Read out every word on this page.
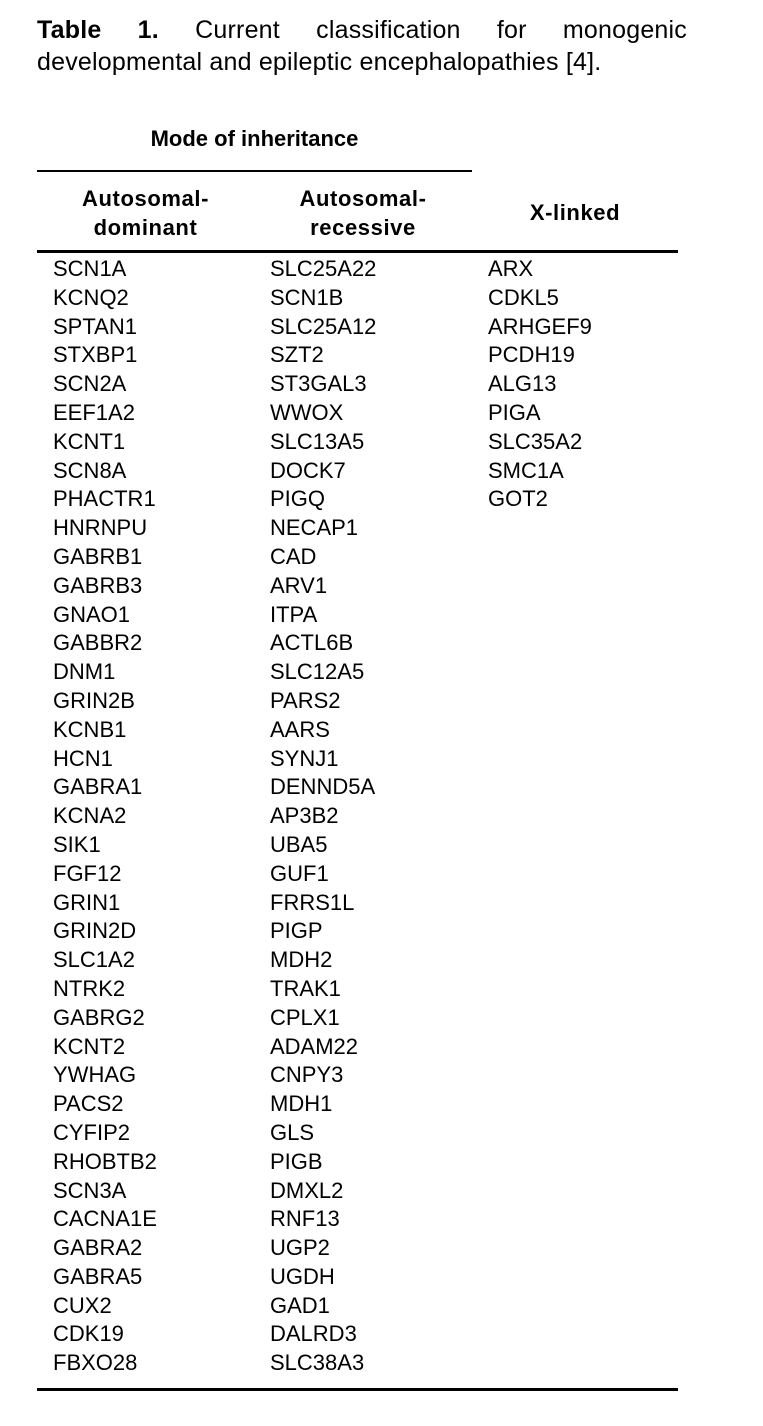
Table 1. Current classification for monogenic developmental and epileptic encephalopathies [4].
Mode of inheritance
Autosomal-
dominant
Autosomal-
recessive
X-linked
SCN1A
KCNQ2
SPTAN1
STXBP1
SCN2A
EEF1A2
KCNT1
SCN8A
PHACTR1
HNRNPU
GABRB1
GABRB3
GNAO1
GABBR2
DNM1
GRIN2B
KCNB1
HCN1
GABRA1
KCNA2
SIK1
FGF12
GRIN1
GRIN2D
SLC1A2
NTRK2
GABRG2
KCNT2
YWHAG
PACS2
CYFIP2
RHOBTB2
SCN3A
CACNA1E
GABRA2
GABRA5
CUX2
CDK19
FBXO28
SLC25A22
SCN1B
SLC25A12
SZT2
ST3GAL3
WWOX
SLC13A5
DOCK7
PIGQ
NECAP1
CAD
ARV1
ITPA
ACTL6B
SLC12A5
PARS2
AARS
SYNJ1
DENND5A
AP3B2
UBA5
GUF1
FRRS1L
PIGP
MDH2
TRAK1
CPLX1
ADAM22
CNPY3
MDH1
GLS
PIGB
DMXL2
RNF13
UGP2
UGDH
GAD1
DALRD3
SLC38A3
ARX
CDKL5
ARHGEF9
PCDH19
ALG13
PIGA
SLC35A2
SMC1A
GOT2
